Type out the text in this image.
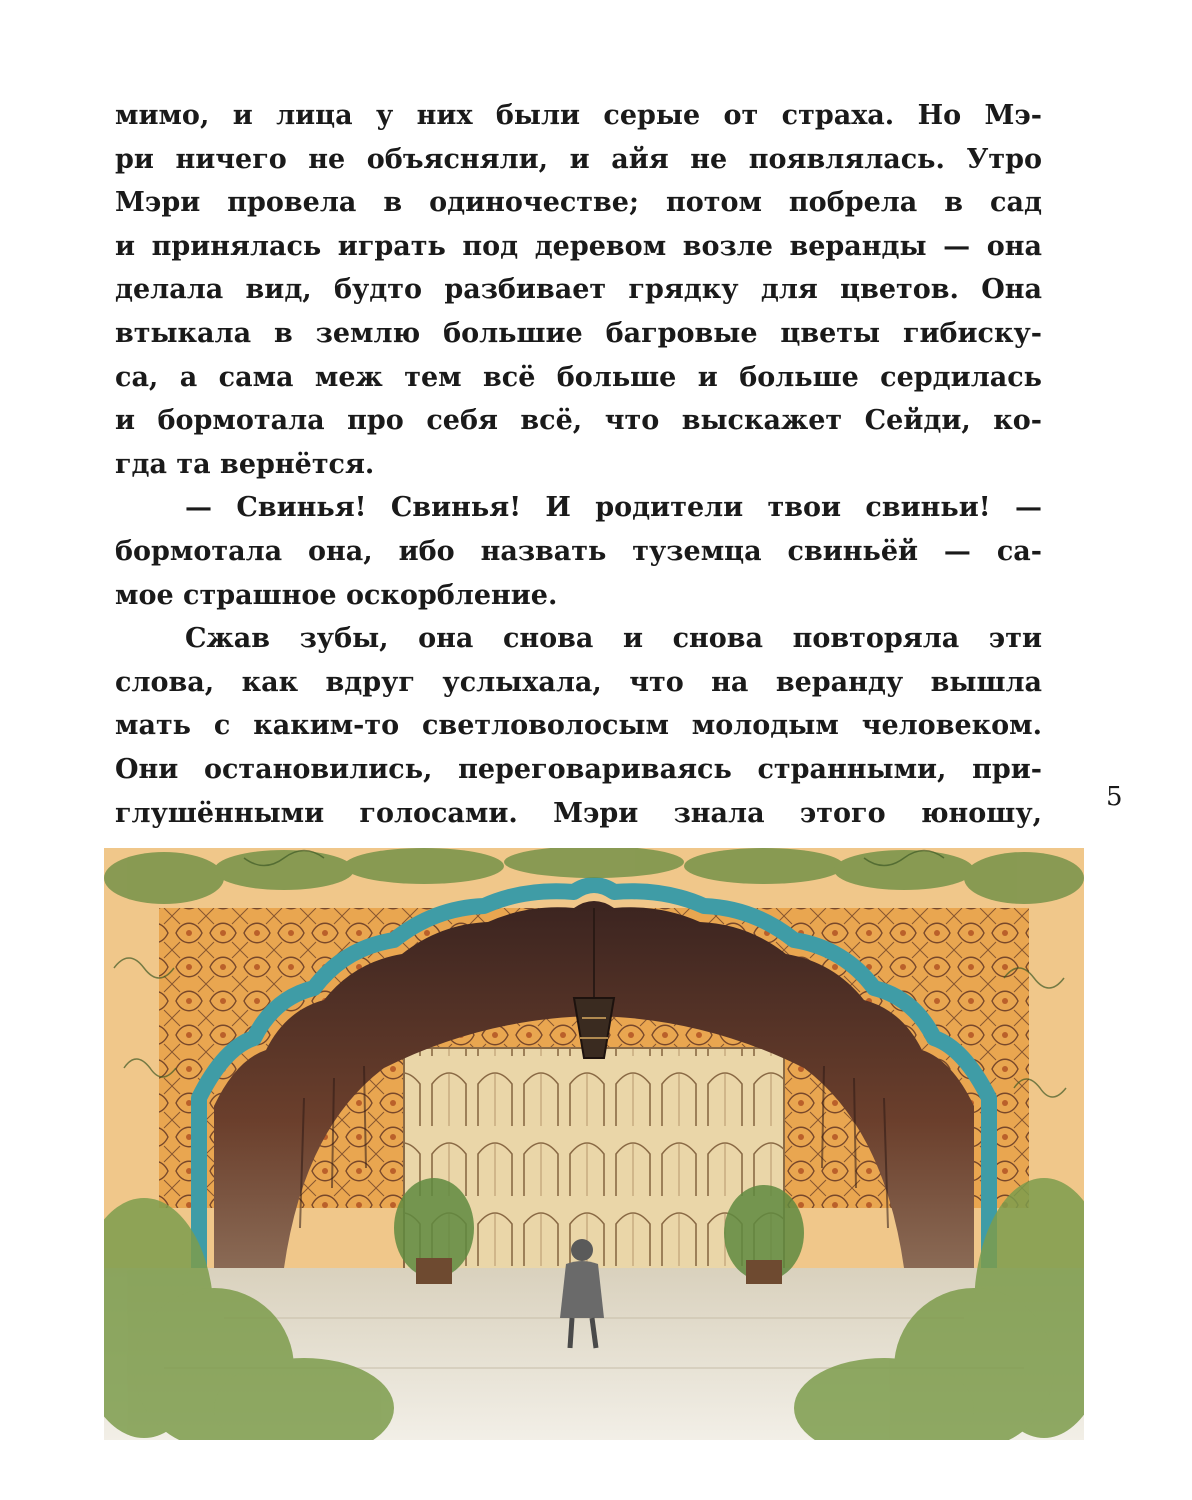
мимо, и лица у них были серые от страха. Но Мэ-
ри ничего не объясняли, и айя не появлялась. Утро
Мэри провела в одиночестве; потом побрела в сад
и принялась играть под деревом возле веранды — она
делала вид, будто разбивает грядку для цветов. Она
втыкала в землю большие багровые цветы гибиску-
са, а сама меж тем всё больше и больше сердилась
и бормотала про себя всё, что выскажет Сейди, ко-
гда та вернётся.
— Свинья! Свинья! И родители твои свиньи! —
бормотала она, ибо назвать туземца свиньёй — са-
мое страшное оскорбление.
Сжав зубы, она снова и снова повторяла эти
слова, как вдруг услыхала, что на веранду вышла
мать с каким-то светловолосым молодым человеком.
Они остановились, переговариваясь странными, при-
глушёнными голосами. Мэри знала этого юношу,
5
